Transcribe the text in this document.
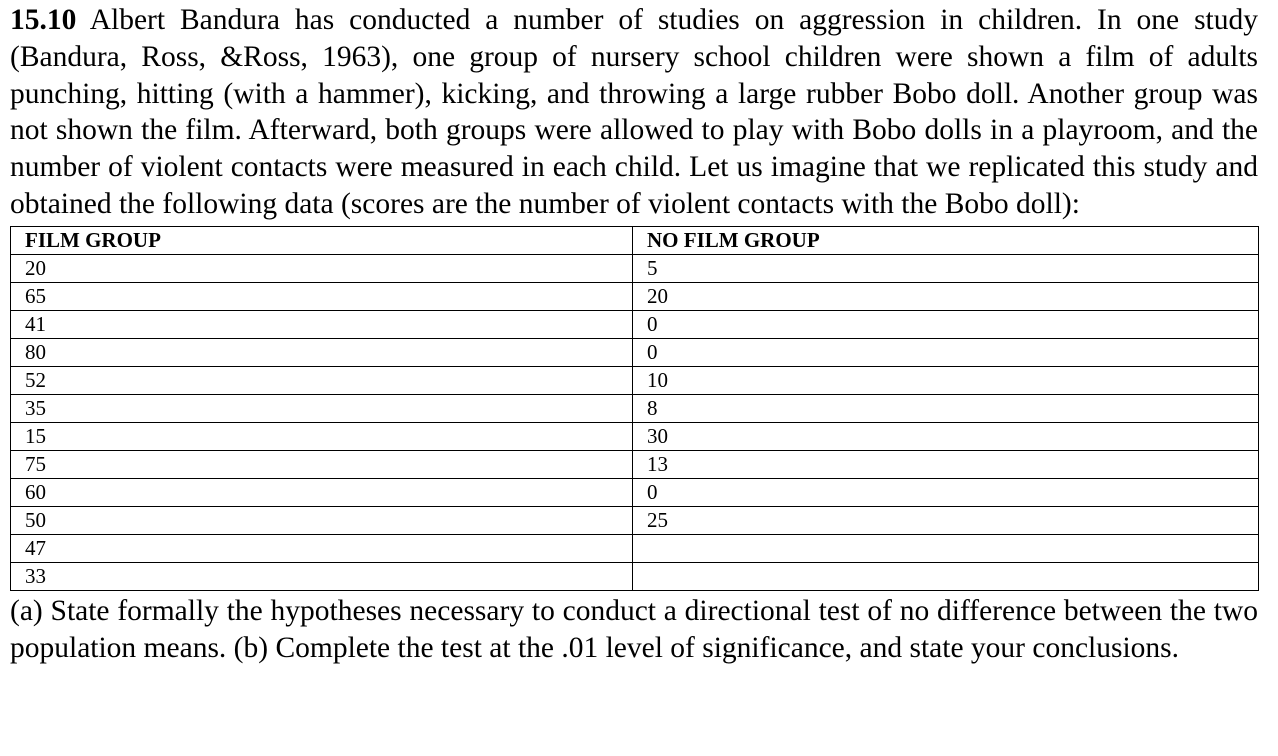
15.10 Albert Bandura has conducted a number of studies on aggression in children. In one study (Bandura, Ross, &Ross, 1963), one group of nursery school children were shown a film of adults punching, hitting (with a hammer), kicking, and throwing a large rubber Bobo doll. Another group was not shown the film. Afterward, both groups were allowed to play with Bobo dolls in a playroom, and the number of violent contacts were measured in each child. Let us imagine that we replicated this study and obtained the following data (scores are the number of violent contacts with the Bobo doll):

FILM GROUP	NO FILM GROUP
20	5
65	20
41	0
80	0
52	10
35	8
15	30
75	13
60	0
50	25
47	
33	

(a) State formally the hypotheses necessary to conduct a directional test of no difference between the two population means. (b) Complete the test at the .01 level of significance, and state your conclusions.
